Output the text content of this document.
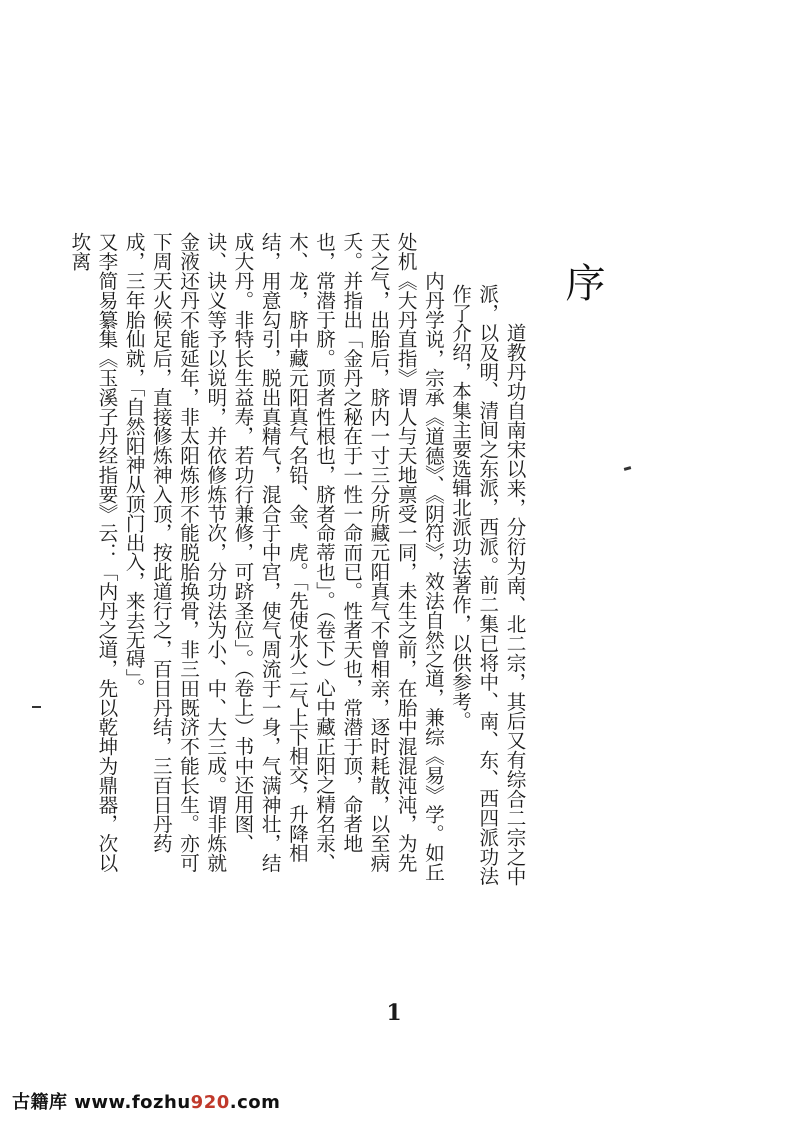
序

道教丹功自南宋以来，分衍为南、北二宗，其后又有综合二宗之中派，以及明、清间之东派，西派。前二集已将中、南、东、西四派功法作了介绍，本集主要选辑北派功法著作，以供参考。

内丹学说，宗承《道德》、《阴符》，效法自然之道，兼综《易》学。如丘处机《大丹直指》谓人与天地禀受一同，未生之前，在胎中混混沌沌，为先天之气，出胎后，脐内一寸三分所藏元阳真气不曾相亲，逐时耗散，以至病夭。并指出「金丹之秘在于一性一命而已。性者天也，常潜于顶，命者地也，常潜于脐。顶者性根也，脐者命蒂也」。（卷下）心中藏正阳之精名汞、木、龙，脐中藏元阳真气名铅、金、虎。「先使水火二气上下相交，升降相结，用意勾引，脱出真精气，混合于中宫，使气周流于一身，气满神壮，结成大丹。非特长生益寿，若功行兼修，可跻圣位」。（卷上）书中还用图、诀、诀义等予以说明，并依修炼节次，分功法为小、中、大三成。谓非炼就金液还丹不能延年，非太阳炼形不能脱胎换骨，非三田既济不能长生。亦可下周天火候足后，直接修炼神入顶，按此道行之，百日丹结，三百日丹药成，三年胎仙就，「自然阳神从顶门出入，来去无碍」。

又李简易纂集《玉溪子丹经指要》云：「内丹之道，先以乾坤为鼎器，次以坎离

1
古籍库 www.fozhu920.com
